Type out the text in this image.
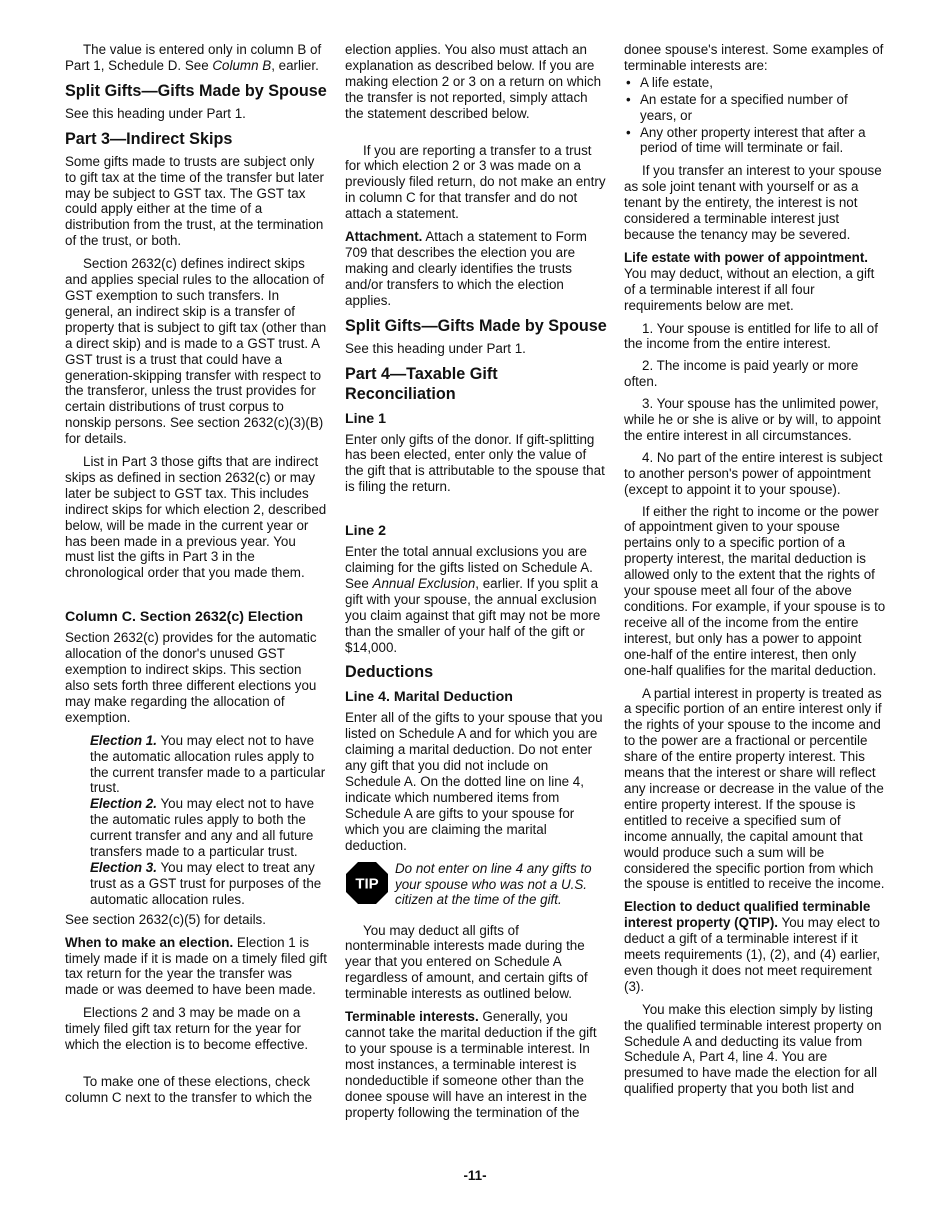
The value is entered only in column B of Part 1, Schedule D. See Column B, earlier.

Split Gifts—Gifts Made by Spouse

See this heading under Part 1.

Part 3—Indirect Skips

Some gifts made to trusts are subject only to gift tax at the time of the transfer but later may be subject to GST tax. The GST tax could apply either at the time of a distribution from the trust, at the termination of the trust, or both.

Section 2632(c) defines indirect skips and applies special rules to the allocation of GST exemption to such transfers. In general, an indirect skip is a transfer of property that is subject to gift tax (other than a direct skip) and is made to a GST trust. A GST trust is a trust that could have a generation-skipping transfer with respect to the transferor, unless the trust provides for certain distributions of trust corpus to nonskip persons. See section 2632(c)(3)(B) for details.

List in Part 3 those gifts that are indirect skips as defined in section 2632(c) or may later be subject to GST tax. This includes indirect skips for which election 2, described below, will be made in the current year or has been made in a previous year. You must list the gifts in Part 3 in the chronological order that you made them.

Column C. Section 2632(c) Election

Section 2632(c) provides for the automatic allocation of the donor's unused GST exemption to indirect skips. This section also sets forth three different elections you may make regarding the allocation of exemption.

Election 1. You may elect not to have the automatic allocation rules apply to the current transfer made to a particular trust.

Election 2. You may elect not to have the automatic rules apply to both the current transfer and any and all future transfers made to a particular trust.

Election 3. You may elect to treat any trust as a GST trust for purposes of the automatic allocation rules.

See section 2632(c)(5) for details.

When to make an election. Election 1 is timely made if it is made on a timely filed gift tax return for the year the transfer was made or was deemed to have been made.

Elections 2 and 3 may be made on a timely filed gift tax return for the year for which the election is to become effective.

To make one of these elections, check column C next to the transfer to which the

election applies. You also must attach an explanation as described below. If you are making election 2 or 3 on a return on which the transfer is not reported, simply attach the statement described below.

If you are reporting a transfer to a trust for which election 2 or 3 was made on a previously filed return, do not make an entry in column C for that transfer and do not attach a statement.

Attachment. Attach a statement to Form 709 that describes the election you are making and clearly identifies the trusts and/or transfers to which the election applies.

Split Gifts—Gifts Made by Spouse

See this heading under Part 1.

Part 4—Taxable Gift Reconciliation
Line 1

Enter only gifts of the donor. If gift-splitting has been elected, enter only the value of the gift that is attributable to the spouse that is filing the return.

Line 2

Enter the total annual exclusions you are claiming for the gifts listed on Schedule A. See Annual Exclusion, earlier. If you split a gift with your spouse, the annual exclusion you claim against that gift may not be more than the smaller of your half of the gift or $14,000.

Deductions
Line 4. Marital Deduction

Enter all of the gifts to your spouse that you listed on Schedule A and for which you are claiming a marital deduction. Do not enter any gift that you did not include on Schedule A. On the dotted line on line 4, indicate which numbered items from Schedule A are gifts to your spouse for which you are claiming the marital deduction.

TIP
Do not enter on line 4 any gifts to your spouse who was not a U.S. citizen at the time of the gift.

You may deduct all gifts of nonterminable interests made during the year that you entered on Schedule A regardless of amount, and certain gifts of terminable interests as outlined below.

Terminable interests. Generally, you cannot take the marital deduction if the gift to your spouse is a terminable interest. In most instances, a terminable interest is nondeductible if someone other than the donee spouse will have an interest in the property following the termination of the

donee spouse's interest. Some examples of terminable interests are:

• A life estate,
• An estate for a specified number of years, or
• Any other property interest that after a period of time will terminate or fail.

If you transfer an interest to your spouse as sole joint tenant with yourself or as a tenant by the entirety, the interest is not considered a terminable interest just because the tenancy may be severed.

Life estate with power of appointment. You may deduct, without an election, a gift of a terminable interest if all four requirements below are met.

1. Your spouse is entitled for life to all of the income from the entire interest.

2. The income is paid yearly or more often.

3. Your spouse has the unlimited power, while he or she is alive or by will, to appoint the entire interest in all circumstances.

4. No part of the entire interest is subject to another person's power of appointment (except to appoint it to your spouse).

If either the right to income or the power of appointment given to your spouse pertains only to a specific portion of a property interest, the marital deduction is allowed only to the extent that the rights of your spouse meet all four of the above conditions. For example, if your spouse is to receive all of the income from the entire interest, but only has a power to appoint one-half of the entire interest, then only one-half qualifies for the marital deduction.

A partial interest in property is treated as a specific portion of an entire interest only if the rights of your spouse to the income and to the power are a fractional or percentile share of the entire property interest. This means that the interest or share will reflect any increase or decrease in the value of the entire property interest. If the spouse is entitled to receive a specified sum of income annually, the capital amount that would produce such a sum will be considered the specific portion from which the spouse is entitled to receive the income.

Election to deduct qualified terminable interest property (QTIP). You may elect to deduct a gift of a terminable interest if it meets requirements (1), (2), and (4) earlier, even though it does not meet requirement (3).

You make this election simply by listing the qualified terminable interest property on Schedule A and deducting its value from Schedule A, Part 4, line 4. You are presumed to have made the election for all qualified property that you both list and

-11-
